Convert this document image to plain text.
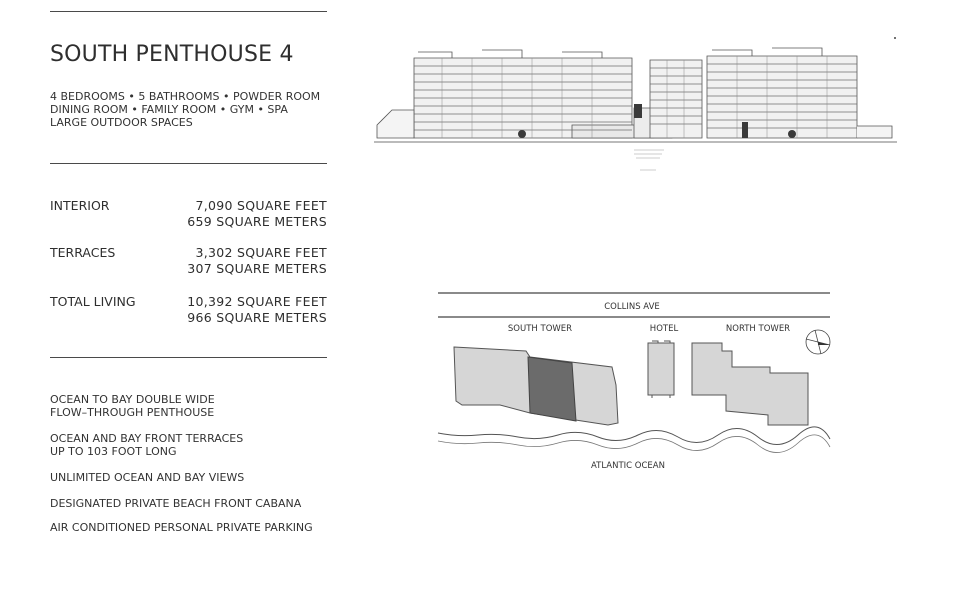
SOUTH PENTHOUSE 4
4 BEDROOMS • 5 BATHROOMS • POWDER ROOM
DINING ROOM • FAMILY ROOM • GYM • SPA
LARGE OUTDOOR SPACES
INTERIOR	7,090 SQUARE FEET
659 SQUARE METERS
TERRACES	3,302 SQUARE FEET
307 SQUARE METERS
TOTAL LIVING	10,392 SQUARE FEET
966 SQUARE METERS
OCEAN TO BAY DOUBLE WIDE
FLOW–THROUGH PENTHOUSE
OCEAN AND BAY FRONT TERRACES
UP TO 103 FOOT LONG
UNLIMITED OCEAN AND BAY VIEWS
DESIGNATED PRIVATE BEACH FRONT CABANA
AIR CONDITIONED PERSONAL PRIVATE PARKING
COLLINS AVE
SOUTH TOWER	HOTEL	NORTH TOWER
ATLANTIC OCEAN
